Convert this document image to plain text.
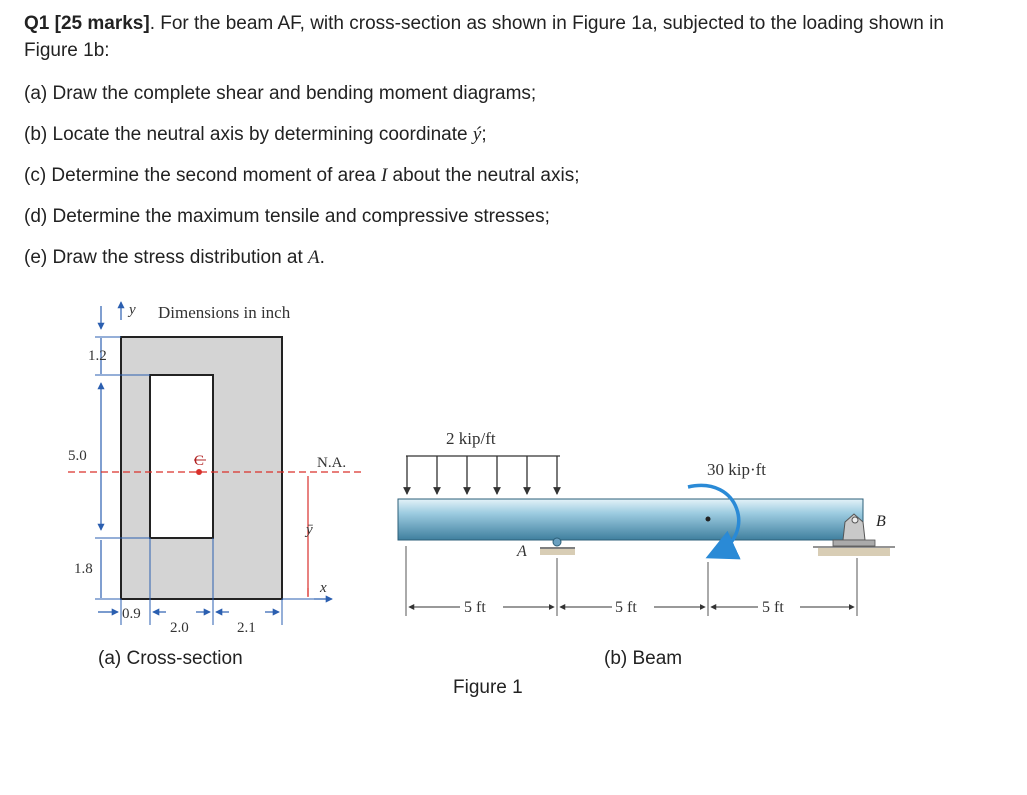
Q1 [25 marks]. For the beam AF, with cross-section as shown in Figure 1a, subjected to the loading shown in Figure 1b:
(a) Draw the complete shear and bending moment diagrams;
(b) Locate the neutral axis by determining coordinate ý;
(c) Determine the second moment of area I about the neutral axis;
(d) Determine the maximum tensile and compressive stresses;
(e) Draw the stress distribution at A.
y Dimensions in inch
1.2
5.0
1.8
C	N.A.
ȳ
x
0.9
2.0	2.1
(a) Cross-section
2 kip/ft
30 kip·ft
A
B
5 ft	5 ft	5 ft
(b) Beam
Figure 1
